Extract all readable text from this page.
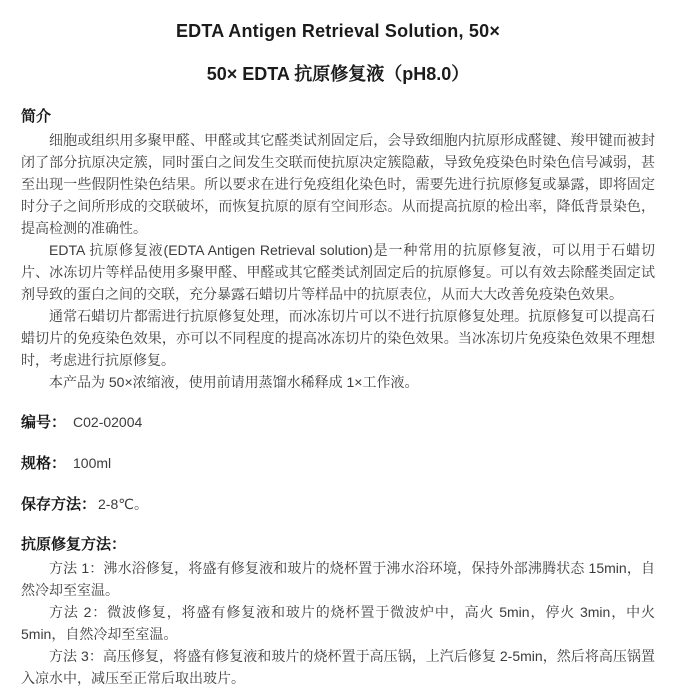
EDTA Antigen Retrieval Solution, 50×
50× EDTA 抗原修复液（pH8.0）
简介

细胞或组织用多聚甲醛、甲醛或其它醛类试剂固定后，会导致细胞内抗原形成醛键、羧甲键而被封闭了部分抗原决定簇，同时蛋白之间发生交联而使抗原决定簇隐蔽，导致免疫染色时染色信号减弱，甚至出现一些假阴性染色结果。所以要求在进行免疫组化染色时，需要先进行抗原修复或暴露，即将固定时分子之间所形成的交联破坏，而恢复抗原的原有空间形态。从而提高抗原的检出率，降低背景染色，提高检测的准确性。

EDTA 抗原修复液(EDTA Antigen Retrieval solution)是一种常用的抗原修复液，可以用于石蜡切片、冰冻切片等样品使用多聚甲醛、甲醛或其它醛类试剂固定后的抗原修复。可以有效去除醛类固定试剂导致的蛋白之间的交联，充分暴露石蜡切片等样品中的抗原表位，从而大大改善免疫染色效果。

通常石蜡切片都需进行抗原修复处理，而冰冻切片可以不进行抗原修复处理。抗原修复可以提高石蜡切片的免疫染色效果，亦可以不同程度的提高冰冻切片的染色效果。当冰冻切片免疫染色效果不理想时，考虑进行抗原修复。

本产品为 50×浓缩液，使用前请用蒸馏水稀释成 1×工作液。

编号： C02-02004
规格： 100ml
保存方法： 2-8℃。
抗原修复方法：

方法 1：沸水浴修复，将盛有修复液和玻片的烧杯置于沸水浴环境，保持外部沸腾状态 15min，自然冷却至室温。

方法 2：微波修复，将盛有修复液和玻片的烧杯置于微波炉中，高火 5min，停火 3min，中火 5min，自然冷却至室温。

方法 3：高压修复，将盛有修复液和玻片的烧杯置于高压锅，上汽后修复 2-5min，然后将高压锅置入凉水中，减压至正常后取出玻片。
